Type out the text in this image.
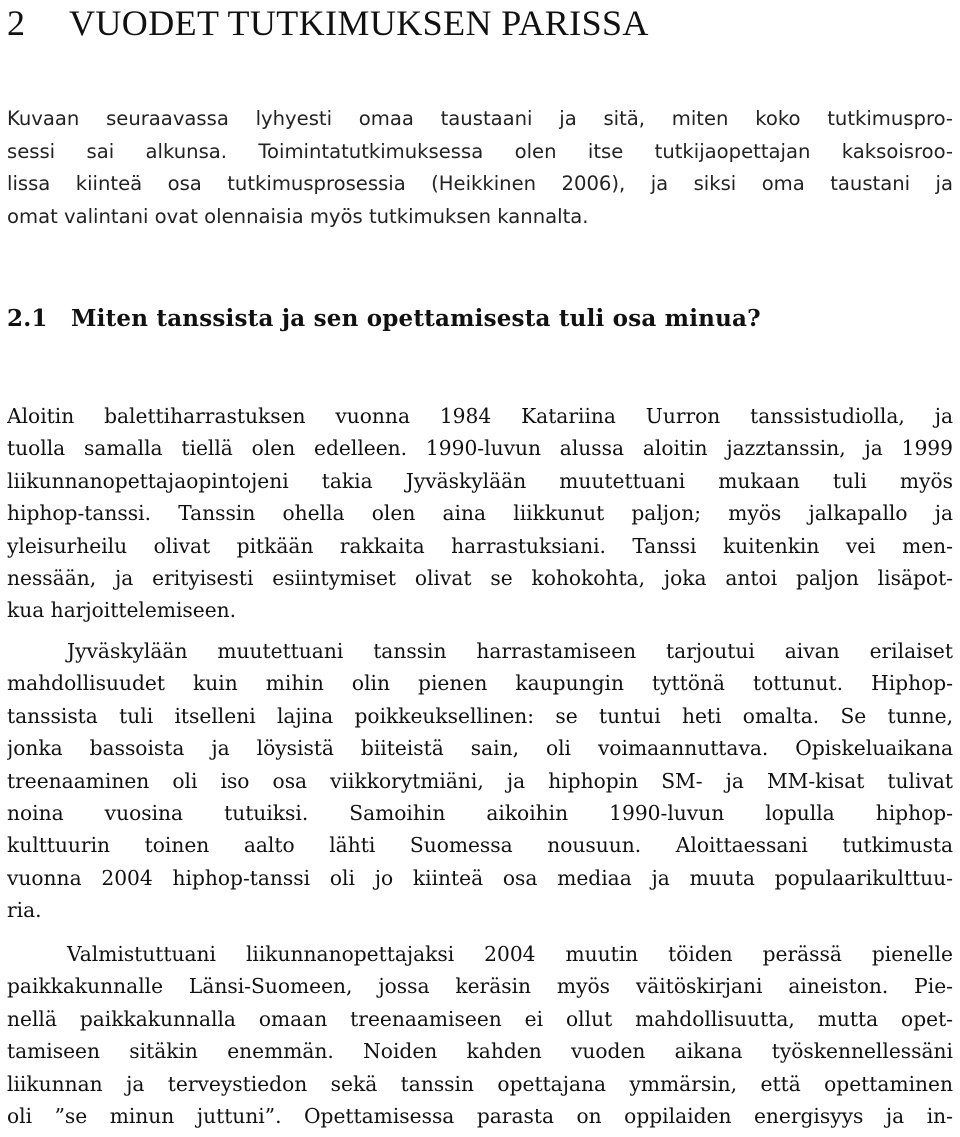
2 VUODET TUTKIMUKSEN PARISSA

Kuvaan seuraavassa lyhyesti omaa taustaani ja sitä, miten koko tutkimuspro-
sessi sai alkunsa. Toimintatutkimuksessa olen itse tutkijaopettajan kaksoisroo-
lissa kiinteä osa tutkimusprosessia (Heikkinen 2006), ja siksi oma taustani ja
omat valintani ovat olennaisia myös tutkimuksen kannalta.

2.1 Miten tanssista ja sen opettamisesta tuli osa minua?

Aloitin balettiharrastuksen vuonna 1984 Katariina Uurron tanssistudiolla, ja
tuolla samalla tiellä olen edelleen. 1990-luvun alussa aloitin jazztanssin, ja 1999
liikunnanopettajaopintojeni takia Jyväskylään muutettuani mukaan tuli myös
hiphop-tanssi. Tanssin ohella olen aina liikkunut paljon; myös jalkapallo ja
yleisurheilu olivat pitkään rakkaita harrastuksiani. Tanssi kuitenkin vei men-
nessään, ja erityisesti esiintymiset olivat se kohokohta, joka antoi paljon lisäpot-
kua harjoittelemiseen.

Jyväskylään muutettuani tanssin harrastamiseen tarjoutui aivan erilaiset
mahdollisuudet kuin mihin olin pienen kaupungin tyttönä tottunut. Hiphop-
tanssista tuli itselleni lajina poikkeuksellinen: se tuntui heti omalta. Se tunne,
jonka bassoista ja löysistä biiteistä sain, oli voimaannuttava. Opiskeluaikana
treenaaminen oli iso osa viikkorytmiäni, ja hiphopin SM- ja MM-kisat tulivat
noina vuosina tutuiksi. Samoihin aikoihin 1990-luvun lopulla hiphop-
kulttuurin toinen aalto lähti Suomessa nousuun. Aloittaessani tutkimusta
vuonna 2004 hiphop-tanssi oli jo kiinteä osa mediaa ja muuta populaarikulttuu-
ria.

Valmistuttuani liikunnanopettajaksi 2004 muutin töiden perässä pienelle
paikkakunnalle Länsi-Suomeen, jossa keräsin myös väitöskirjani aineiston. Pie-
nellä paikkakunnalla omaan treenaamiseen ei ollut mahdollisuutta, mutta opet-
tamiseen sitäkin enemmän. Noiden kahden vuoden aikana työskennellessäni
liikunnan ja terveystiedon sekä tanssin opettajana ymmärsin, että opettaminen
oli ”se minun juttuni”. Opettamisessa parasta on oppilaiden energisyys ja in-
